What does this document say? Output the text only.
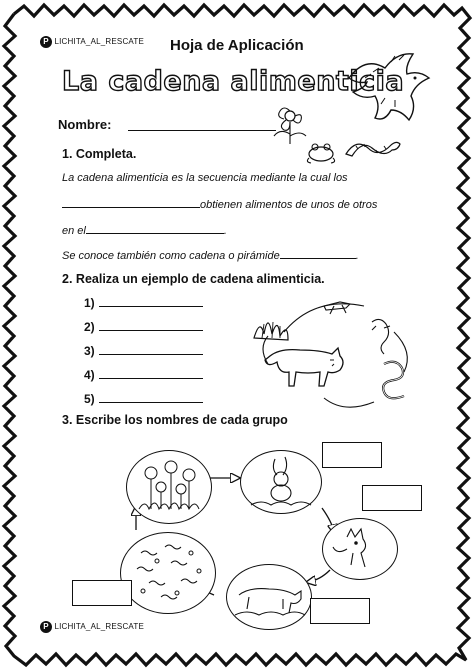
P LICHITA_AL_RESCATE Hoja de Aplicación
La cadena alimenticia
Nombre:
1. Completa.
La cadena alimenticia es la secuencia mediante la cual los
obtienen alimentos de unos de otros
en el	.
Se conoce también como cadena o pirámide	.
2. Realiza un ejemplo de cadena alimenticia.
1)
2)
3)
4)
5)
3. Escribe los nombres de cada grupo
P LICHITA_AL_RESCATE
